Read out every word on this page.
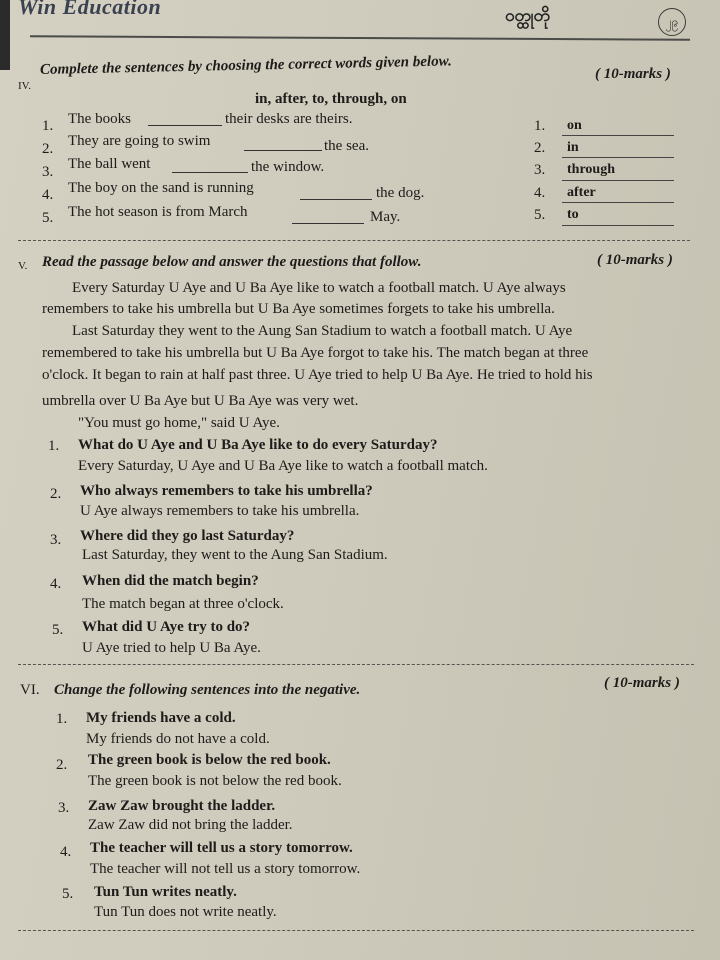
Win Education	ဝတ္ထုတို	၂၉
IV.
Complete the sentences by choosing the correct words given below.	( 10-marks )
in, after, to, through, on
1. The books	their desks are theirs.
2. They are going to swim	the sea.
3. The ball went	the window.
4. The boy on the sand is running	the dog.
5. The hot season is from March	May.
1. on
2. in
3. through
4. after
5. to
V. Read the passage below and answer the questions that follow.	( 10-marks )
Every Saturday U Aye and U Ba Aye like to watch a football match. U Aye always
remembers to take his umbrella but U Ba Aye sometimes forgets to take his umbrella.
Last Saturday they went to the Aung San Stadium to watch a football match. U Aye
remembered to take his umbrella but U Ba Aye forgot to take his. The match began at three
o'clock. It began to rain at half past three. U Aye tried to help U Ba Aye. He tried to hold his
umbrella over U Ba Aye but U Ba Aye was very wet.
"You must go home," said U Aye.
1. What do U Aye and U Ba Aye like to do every Saturday?
Every Saturday, U Aye and U Ba Aye like to watch a football match.
2. Who always remembers to take his umbrella?
U Aye always remembers to take his umbrella.
3. Where did they go last Saturday?
Last Saturday, they went to the Aung San Stadium.
4. When did the match begin?
The match began at three o'clock.
5. What did U Aye try to do?
U Aye tried to help U Ba Aye.
VI. Change the following sentences into the negative.	( 10-marks )
1. My friends have a cold.
My friends do not have a cold.
2. The green book is below the red book.
The green book is not below the red book.
3. Zaw Zaw brought the ladder.
Zaw Zaw did not bring the ladder.
4. The teacher will tell us a story tomorrow.
The teacher will not tell us a story tomorrow.
5. Tun Tun writes neatly.
Tun Tun does not write neatly.
